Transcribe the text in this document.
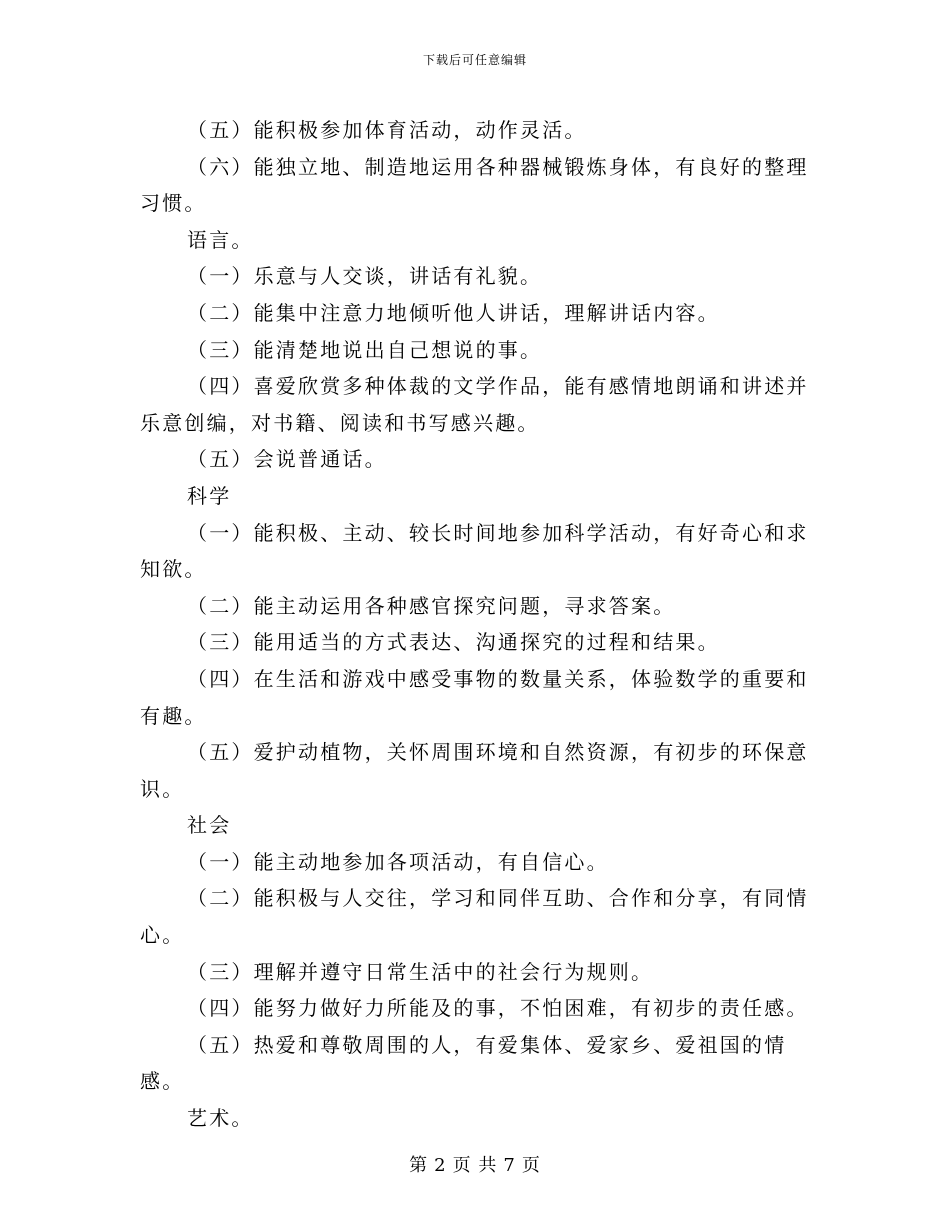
下载后可任意编辑

（五）能积极参加体育活动，动作灵活。

（六）能独立地、制造地运用各种器械锻炼身体，有良好的整理习惯。

语言。

（一）乐意与人交谈，讲话有礼貌。

（二）能集中注意力地倾听他人讲话，理解讲话内容。

（三）能清楚地说出自己想说的事。

（四）喜爱欣赏多种体裁的文学作品，能有感情地朗诵和讲述并乐意创编，对书籍、阅读和书写感兴趣。

（五）会说普通话。

科学

（一）能积极、主动、较长时间地参加科学活动，有好奇心和求知欲。

（二）能主动运用各种感官探究问题，寻求答案。

（三）能用适当的方式表达、沟通探究的过程和结果。

（四）在生活和游戏中感受事物的数量关系，体验数学的重要和有趣。

（五）爱护动植物，关怀周围环境和自然资源，有初步的环保意识。

社会

（一）能主动地参加各项活动，有自信心。

（二）能积极与人交往，学习和同伴互助、合作和分享，有同情心。

（三）理解并遵守日常生活中的社会行为规则。

（四）能努力做好力所能及的事，不怕困难，有初步的责任感。

（五）热爱和尊敬周围的人，有爱集体、爱家乡、爱祖国的情感。

艺术。

第 2 页 共 7 页
